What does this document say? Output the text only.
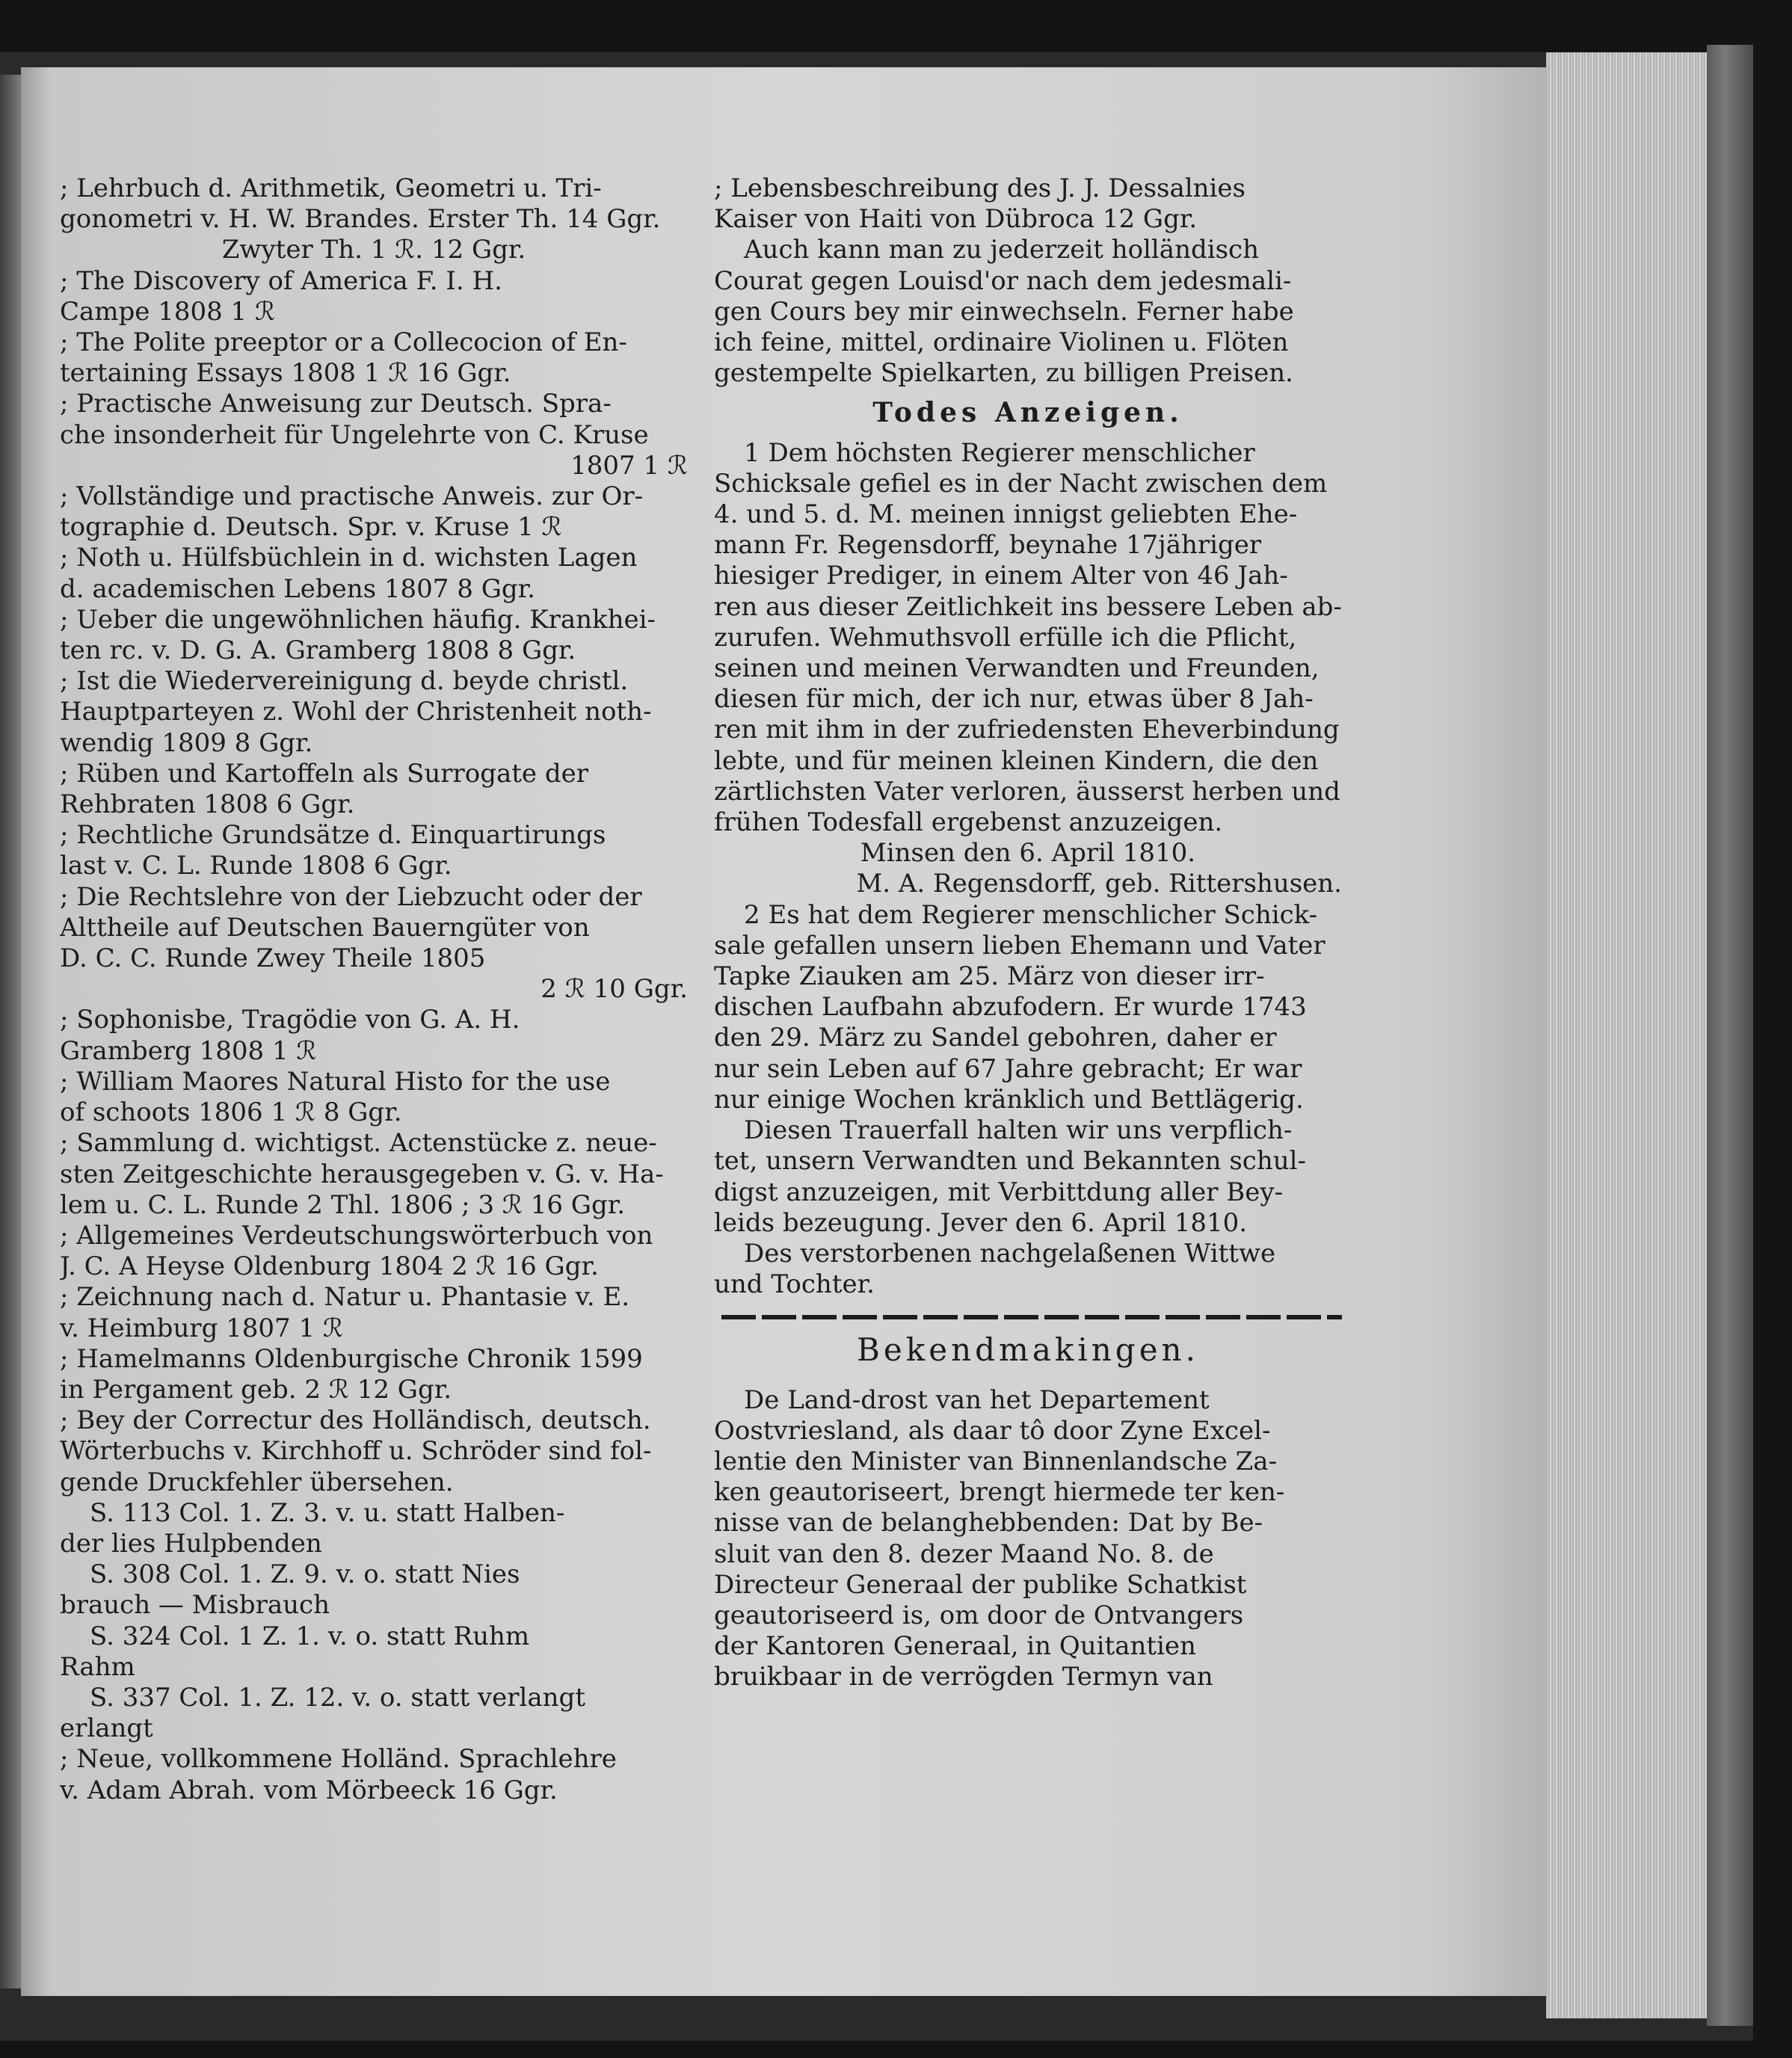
; Lehrbuch d. Arithmetik, Geometri u. Tri-
gonometri v. H. W. Brandes. Erster Th. 14 Ggr.
Zwyter Th. 1 ℛ. 12 Ggr.
; The Discovery of America F. I. H.
Campe 1808 1 ℛ
; The Polite preeptor or a Collecocion of En-
tertaining Essays 1808 1 ℛ 16 Ggr.
; Practische Anweisung zur Deutsch. Spra-
che insonderheit für Ungelehrte von C. Kruse
1807 1 ℛ
; Vollständige und practische Anweis. zur Or-
tographie d. Deutsch. Spr. v. Kruse 1 ℛ
; Noth u. Hülfsbüchlein in d. wichsten Lagen
d. academischen Lebens 1807 8 Ggr.
; Ueber die ungewöhnlichen häufig. Krankhei-
ten rc. v. D. G. A. Gramberg 1808 8 Ggr.
; Ist die Wiedervereinigung d. beyde christl.
Hauptparteyen z. Wohl der Christenheit noth-
wendig 1809 8 Ggr.
; Rüben und Kartoffeln als Surrogate der
Rehbraten 1808 6 Ggr.
; Rechtliche Grundsätze d. Einquartirungs
last v. C. L. Runde 1808 6 Ggr.
; Die Rechtslehre von der Liebzucht oder der
Alttheile auf Deutschen Bauerngüter von
D. C. C. Runde Zwey Theile 1805
2 ℛ 10 Ggr.
; Sophonisbe, Tragödie von G. A. H.
Gramberg 1808 1 ℛ
; William Maores Natural Histo for the use
of schoots 1806 1 ℛ 8 Ggr.
; Sammlung d. wichtigst. Actenstücke z. neue-
sten Zeitgeschichte herausgegeben v. G. v. Ha-
lem u. C. L. Runde 2 Thl. 1806 ; 3 ℛ 16 Ggr.
; Allgemeines Verdeutschungswörterbuch von
J. C. A Heyse Oldenburg 1804 2 ℛ 16 Ggr.
; Zeichnung nach d. Natur u. Phantasie v. E.
v. Heimburg 1807 1 ℛ
; Hamelmanns Oldenburgische Chronik 1599
in Pergament geb. 2 ℛ 12 Ggr.
; Bey der Correctur des Holländisch, deutsch.
Wörterbuchs v. Kirchhoff u. Schröder sind fol-
gende Druckfehler übersehen.
S. 113 Col. 1. Z. 3. v. u. statt Halben-
der lies Hulpbenden
S. 308 Col. 1. Z. 9. v. o. statt Nies
brauch — Misbrauch
S. 324 Col. 1 Z. 1. v. o. statt Ruhm
Rahm
S. 337 Col. 1. Z. 12. v. o. statt verlangt
erlangt
; Neue, vollkommene Holländ. Sprachlehre
v. Adam Abrah. vom Mörbeeck 16 Ggr.
; Lebensbeschreibung des J. J. Dessalnies
Kaiser von Haiti von Dübroca 12 Ggr.
Auch kann man zu jederzeit holländisch
Courat gegen Louisd'or nach dem jedesmali-
gen Cours bey mir einwechseln. Ferner habe
ich feine, mittel, ordinaire Violinen u. Flöten
gestempelte Spielkarten, zu billigen Preisen.
Todes Anzeigen.
1 Dem höchsten Regierer menschlicher
Schicksale gefiel es in der Nacht zwischen dem
4. und 5. d. M. meinen innigst geliebten Ehe-
mann Fr. Regensdorff, beynahe 17jähriger
hiesiger Prediger, in einem Alter von 46 Jah-
ren aus dieser Zeitlichkeit ins bessere Leben ab-
zurufen. Wehmuthsvoll erfülle ich die Pflicht,
seinen und meinen Verwandten und Freunden,
diesen für mich, der ich nur, etwas über 8 Jah-
ren mit ihm in der zufriedensten Eheverbindung
lebte, und für meinen kleinen Kindern, die den
zärtlichsten Vater verloren, äusserst herben und
frühen Todesfall ergebenst anzuzeigen.
Minsen den 6. April 1810.
M. A. Regensdorff, geb. Rittershusen.
2 Es hat dem Regierer menschlicher Schick-
sale gefallen unsern lieben Ehemann und Vater
Tapke Ziauken am 25. März von dieser irr-
dischen Laufbahn abzufodern. Er wurde 1743
den 29. März zu Sandel gebohren, daher er
nur sein Leben auf 67 Jahre gebracht; Er war
nur einige Wochen kränklich und Bettlägerig.
Diesen Trauerfall halten wir uns verpflich-
tet, unsern Verwandten und Bekannten schul-
digst anzuzeigen, mit Verbittdung aller Bey-
leids bezeugung. Jever den 6. April 1810.
Des verstorbenen nachgelaßenen Wittwe
und Tochter.
Bekendmakingen.
De Land-drost van het Departement
Oostvriesland, als daar tô door Zyne Excel-
lentie den Minister van Binnenlandsche Za-
ken geautoriseert, brengt hiermede ter ken-
nisse van de belanghebbenden: Dat by Be-
sluit van den 8. dezer Maand No. 8. de
Directeur Generaal der publike Schatkist
geautoriseerd is, om door de Ontvangers
der Kantoren Generaal, in Quitantien
bruikbaar in de verrögden Termyn van
